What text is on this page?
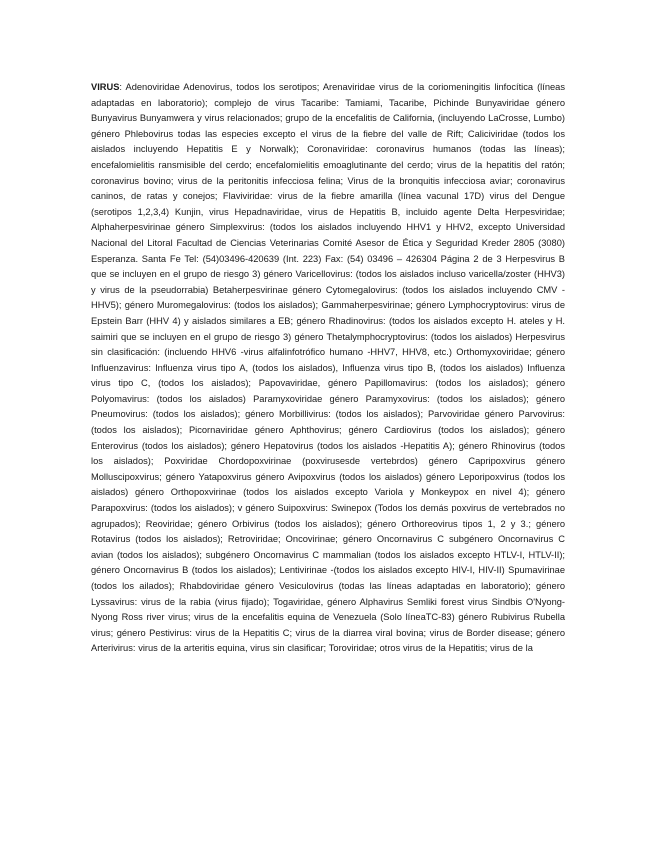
VIRUS: Adenoviridae Adenovirus, todos los serotipos; Arenaviridae virus de la coriomeningitis linfocítica (líneas adaptadas en laboratorio); complejo de virus Tacaribe: Tamiami, Tacaribe, Pichinde Bunyaviridae género Bunyavirus Bunyamwera y virus relacionados; grupo de la encefalitis de California, (incluyendo LaCrosse, Lumbo) género Phlebovirus todas las especies excepto el virus de la fiebre del valle de Rift; Caliciviridae (todos los aislados incluyendo Hepatitis E y Norwalk); Coronaviridae: coronavirus humanos (todas las líneas); encefalomielitis ransmisible del cerdo; encefalomielitis emoaglutinante del cerdo; virus de la hepatitis del ratón; coronavirus bovino; virus de la peritonitis infecciosa felina; Virus de la bronquitis infecciosa aviar; coronavirus caninos, de ratas y conejos; Flaviviridae: virus de la fiebre amarilla (línea vacunal 17D) virus del Dengue (serotipos 1,2,3,4) Kunjin, virus Hepadnaviridae, virus de Hepatitis B, incluido agente Delta Herpesviridae; Alphaherpesvirinae género Simplexvirus: (todos los aislados incluyendo HHV1 y HHV2, excepto Universidad Nacional del Litoral Facultad de Ciencias Veterinarias Comité Asesor de Ética y Seguridad Kreder 2805 (3080) Esperanza. Santa Fe Tel: (54)03496-420639 (Int. 223) Fax: (54) 03496 – 426304 Página 2 de 3 Herpesvirus B que se incluyen en el grupo de riesgo 3) género Varicellovirus: (todos los aislados incluso varicella/zoster (HHV3) y virus de la pseudorrabia) Betaherpesvirinae género Cytomegalovirus: (todos los aislados incluyendo CMV -HHV5); género Muromegalovirus: (todos los aislados); Gammaherpesvirinae; género Lymphocryptovirus: virus de Epstein Barr (HHV 4) y aislados similares a EB; género Rhadinovirus: (todos los aislados excepto H. ateles y H. saimiri que se incluyen en el grupo de riesgo 3) género Thetalymphocryptovirus: (todos los aislados) Herpesvirus sin clasificación: (incluendo HHV6 -virus alfalinfotrófico humano -HHV7, HHV8, etc.) Orthomyxoviridae; género Influenzavirus: Influenza virus tipo A, (todos los aislados), Influenza virus tipo B, (todos los aislados) Influenza virus tipo C, (todos los aislados); Papovaviridae, género Papillomavirus: (todos los aislados); género Polyomavirus: (todos los aislados) Paramyxoviridae género Paramyxovirus: (todos los aislados); género Pneumovirus: (todos los aislados); género Morbillivirus: (todos los aislados); Parvoviridae género Parvovirus: (todos los aislados); Picornaviridae género Aphthovirus; género Cardiovirus (todos los aislados); género Enterovirus (todos los aislados); género Hepatovirus (todos los aislados -Hepatitis A); género Rhinovirus (todos los aislados); Poxviridae Chordopoxvirinae (poxvirusesde vertebrdos) género Capripoxvirus género Molluscipoxvirus; género Yatapoxvirus género Avipoxvirus (todos los aislados) género Leporipoxvirus (todos los aislados) género Orthopoxvirinae (todos los aislados excepto Variola y Monkeypox en nivel 4); género Parapoxvirus: (todos los aislados); v género Suipoxvirus: Swinepox (Todos los demás poxvirus de vertebrados no agrupados); Reoviridae; género Orbivirus (todos los aislados); género Orthoreovirus tipos 1, 2 y 3.; género Rotavirus (todos los aislados); Retroviridae; Oncovirinae; género Oncornavirus C subgénero Oncornavirus C avian (todos los aislados); subgénero Oncornavirus C mammalian (todos los aislados excepto HTLV-I, HTLV-II); género Oncornavirus B (todos los aislados); Lentivirinae -(todos los aislados excepto HIV-I, HIV-II) Spumavirinae (todos los ailados); Rhabdoviridae género Vesiculovirus (todas las líneas adaptadas en laboratorio); género Lyssavirus: virus de la rabia (virus fijado); Togaviridae, género Alphavirus Semliki forest virus Sindbis O'Nyong-Nyong Ross river virus; virus de la encefalitis equina de Venezuela (Solo líneaTC-83) género Rubivirus Rubella virus; género Pestivirus: virus de la Hepatitis C; virus de la diarrea viral bovina; virus de Border disease; género Arterivirus: virus de la arteritis equina, virus sin clasificar; Toroviridae; otros virus de la Hepatitis; virus de la
